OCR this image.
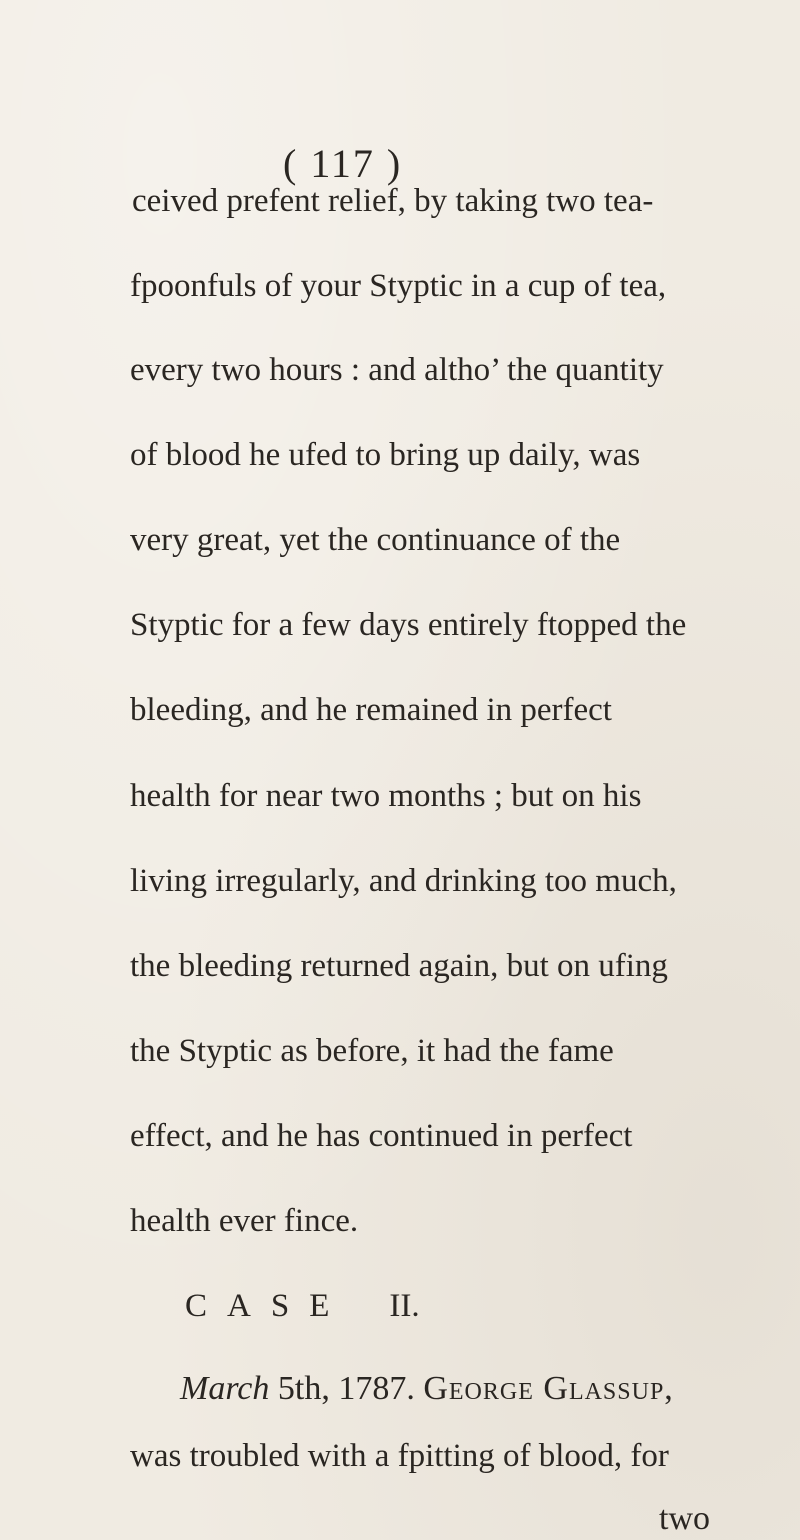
( 117 )
ceived prefent relief, by taking two tea-
fpoonfuls of your Styptic in a cup of tea,
every two hours : and altho’ the quantity
of blood he ufed to bring up daily, was
very great, yet the continuance of the
Styptic for a few days entirely ftopped the
bleeding, and he remained in perfect
health for near two months ; but on his
living irregularly, and drinking too much,
the bleeding returned again, but on ufing
the Styptic as before, it had the fame
effect, and he has continued in perfect
health ever fince.
CASE II.
March 5th, 1787. George Glassup,
was troubled with a fpitting of blood, for
two
